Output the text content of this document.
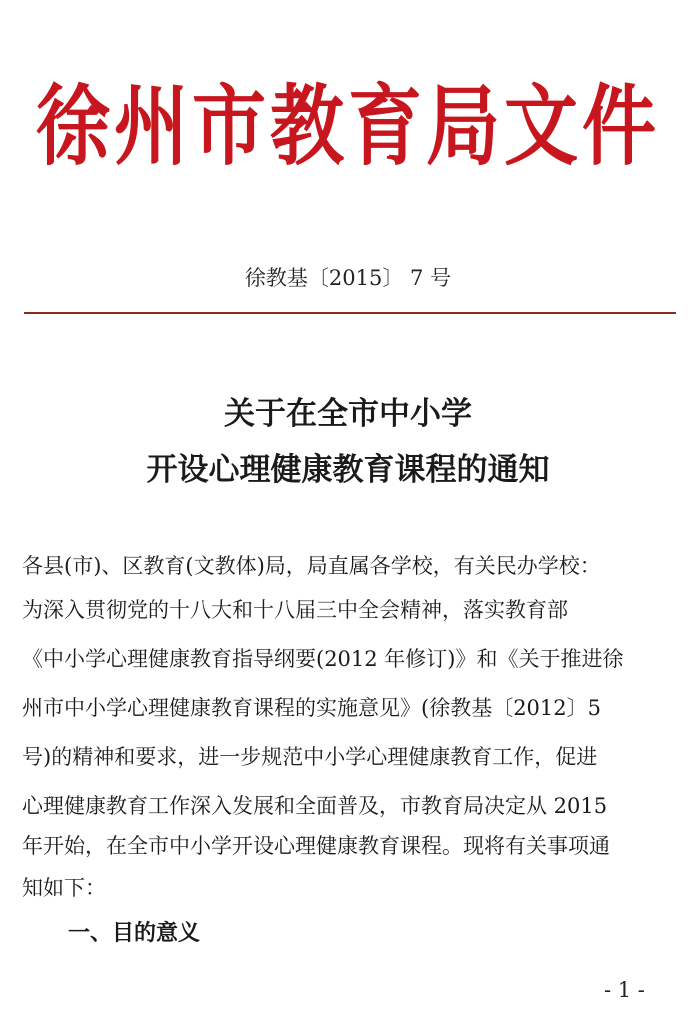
徐州市教育局文件
徐教基〔2015〕 7 号
关于在全市中小学
开设心理健康教育课程的通知
各县(市)、区教育(文教体)局，局直属各学校，有关民办学校：
为深入贯彻党的十八大和十八届三中全会精神，落实教育部
《中小学心理健康教育指导纲要(2012 年修订)》和《关于推进徐
州市中小学心理健康教育课程的实施意见》(徐教基〔2012〕5
号)的精神和要求，进一步规范中小学心理健康教育工作，促进
心理健康教育工作深入发展和全面普及，市教育局决定从 2015
年开始，在全市中小学开设心理健康教育课程。现将有关事项通
知如下：
一、目的意义
- 1 -
